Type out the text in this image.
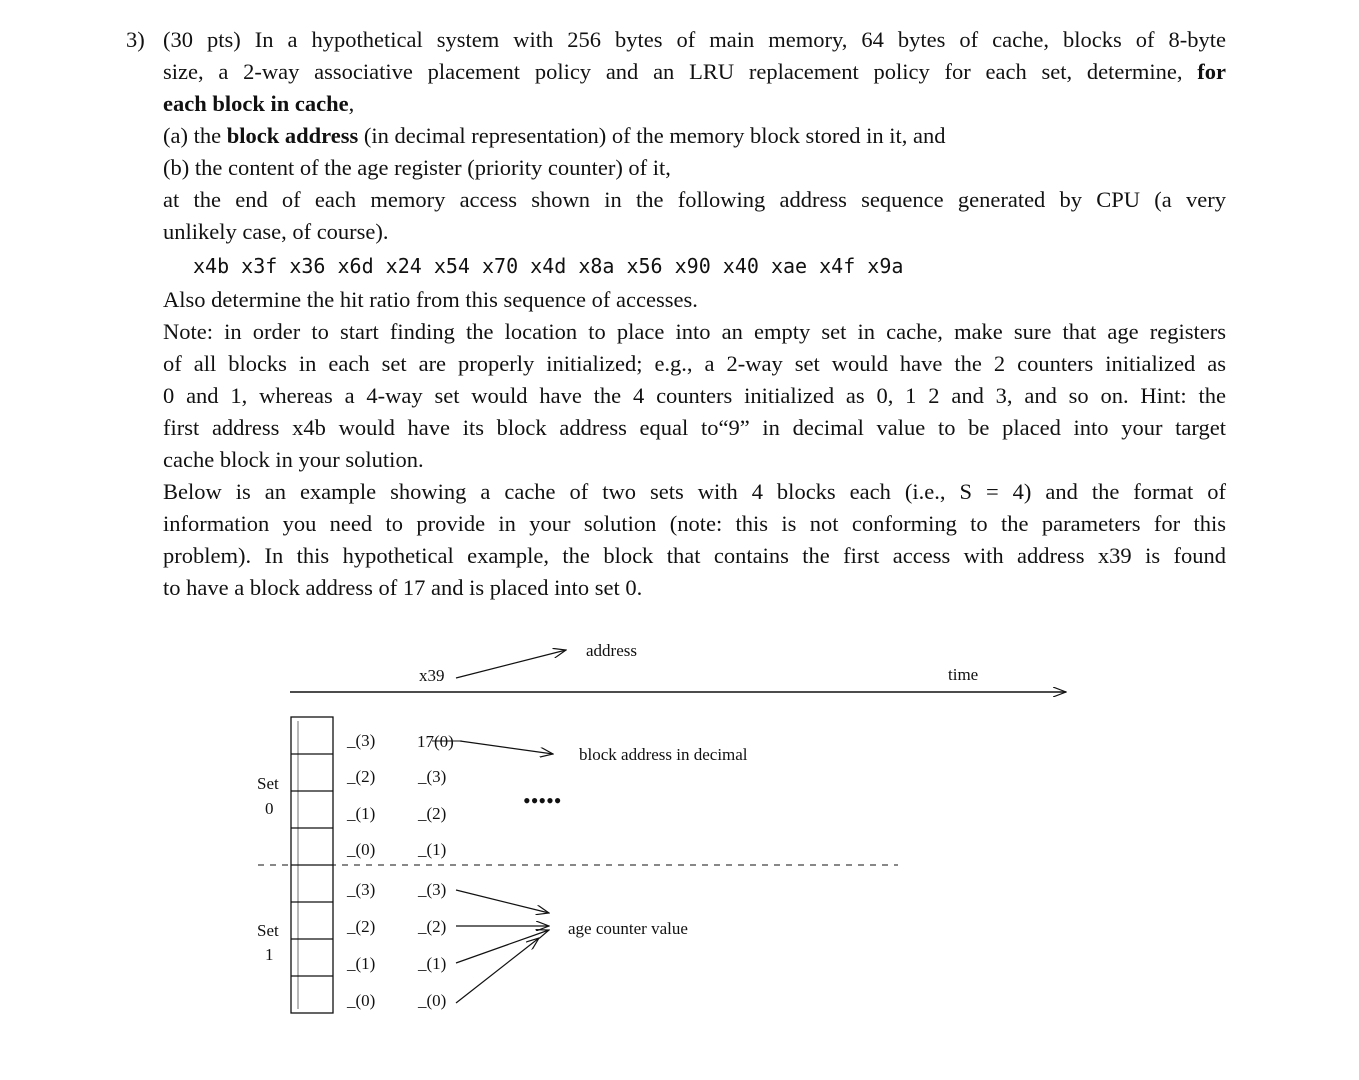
3) (30 pts) In a hypothetical system with 256 bytes of main memory, 64 bytes of cache, blocks of 8-byte
size, a 2-way associative placement policy and an LRU replacement policy for each set, determine, for
each block in cache,
(a) the block address (in decimal representation) of the memory block stored in it, and
(b) the content of the age register (priority counter) of it,
at the end of each memory access shown in the following address sequence generated by CPU (a very
unlikely case, of course).
x4b x3f x36 x6d x24 x54 x70 x4d x8a x56 x90 x40 xae x4f x9a
Also determine the hit ratio from this sequence of accesses.
Note: in order to start finding the location to place into an empty set in cache, make sure that age registers
of all blocks in each set are properly initialized; e.g., a 2-way set would have the 2 counters initialized as
0 and 1, whereas a 4-way set would have the 4 counters initialized as 0, 1 2 and 3, and so on. Hint: the
first address x4b would have its block address equal to“9” in decimal value to be placed into your target
cache block in your solution.
Below is an example showing a cache of two sets with 4 blocks each (i.e., S = 4) and the format of
information you need to provide in your solution (note: this is not conforming to the parameters for this
problem). In this hypothetical example, the block that contains the first access with address x39 is found
to have a block address of 17 and is placed into set 0.
time
address
x39
Set
0
Set
1
_(3)
_(2)
_(1)
_(0)
_(3)
_(2)
_(1)
_(0)
17(0)
_(3)
_(2)
_(1)
_(3)
_(2)
_(1)
_(0)
block address in decimal
•••••
age counter value
